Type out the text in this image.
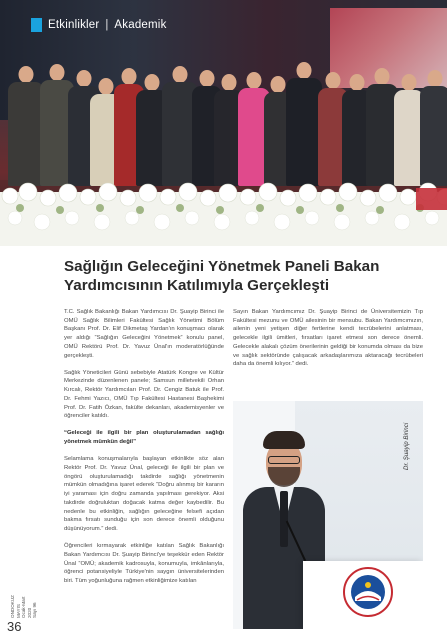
Etkinlikler | Akademik
Sağlığın Geleceğini Yönetmek Paneli Bakan Yardımcısının Katılımıyla Gerçekleşti

T.C. Sağlık Bakanlığı Bakan Yardımcısı Dr. Şuayip Birinci ile OMÜ Sağlık Bilimleri Fakültesi Sağlık Yönetimi Bölüm Başkanı Prof. Dr. Elif Dikmetaş Yardan'ın konuşmacı olarak yer aldığı “Sağlığın Geleceğini Yönetmek” konulu panel, OMÜ Rektörü Prof. Dr. Yavuz Ünal'ın moderatörlüğünde gerçekleşti.

Sağlık Yöneticileri Günü sebebiyle Atatürk Kongre ve Kültür Merkezinde düzenlenen panele; Samsun milletvekili Orhan Kırcalı, Rektör Yardımcıları Prof. Dr. Cengiz Batuk ile Prof. Dr. Fehmi Yazıcı, OMÜ Tıp Fakültesi Hastanesi Başhekimi Prof. Dr. Fatih Özkan, fakülte dekanları, akademisyenler ve öğrenciler katıldı.

“Geleceği ile ilgili bir plan oluşturulamadan sağlığı yönetmek mümkün değil”

Selamlama konuşmalarıyla başlayan etkinlikte söz alan Rektör Prof. Dr. Yavuz Ünal, geleceği ile ilgili bir plan ve öngörü oluşturulamadığı takdirde sağlığı yönetmenin mümkün olmadığına işaret ederek “Doğru alınmış bir kararın iyi yaraması için doğru zamanda yapılması gerekiyor. Aksi takdirde doğruluktan doğacak katma değer kaybedilir. Bu nedenle bu etkinliğin, sağlığın geleceğine felsefi açıdan bakma fırsatı sunduğu için son derece önemli olduğunu düşünüyorum.” dedi.

Öğrencileri kırmayarak etkinliğe katılan Sağlık Bakanlığı Bakan Yardımcısı Dr. Şuayip Birinci'ye teşekkür eden Rektör Ünal “OMÜ; akademik kadrosuyla, konumuyla, imkânlarıyla, öğrenci potansiyeliyle Türkiye'nin saygın üniversitelerinden biri. Tüm yoğunluğuna rağmen etkinliğimize katılan

Sayın Bakan Yardımcımız Dr. Şuayip Birinci de Üniversitemizin Tıp Fakültesi mezunu ve OMÜ ailesinin bir mensubu. Bakan Yardımcımızın, ailenin yeni yetişen diğer fertlerine kendi tecrübelerini anlatması, gelecekle ilgili ümitleri, fırsatları işaret etmesi son derece önemli. Gelecekle alakalı çözüm önerilerinin geldiği bir konumda olması da bize ve sağlık sektöründe çalışacak arkadaşlarımıza aktaracağı tecrübeleri daha da önemli kılıyor.” dedi.

Dr. Şuayip Birinci
ONDOKUZ MAYIS Ocak-Mart 2020 Sayı 96
36
